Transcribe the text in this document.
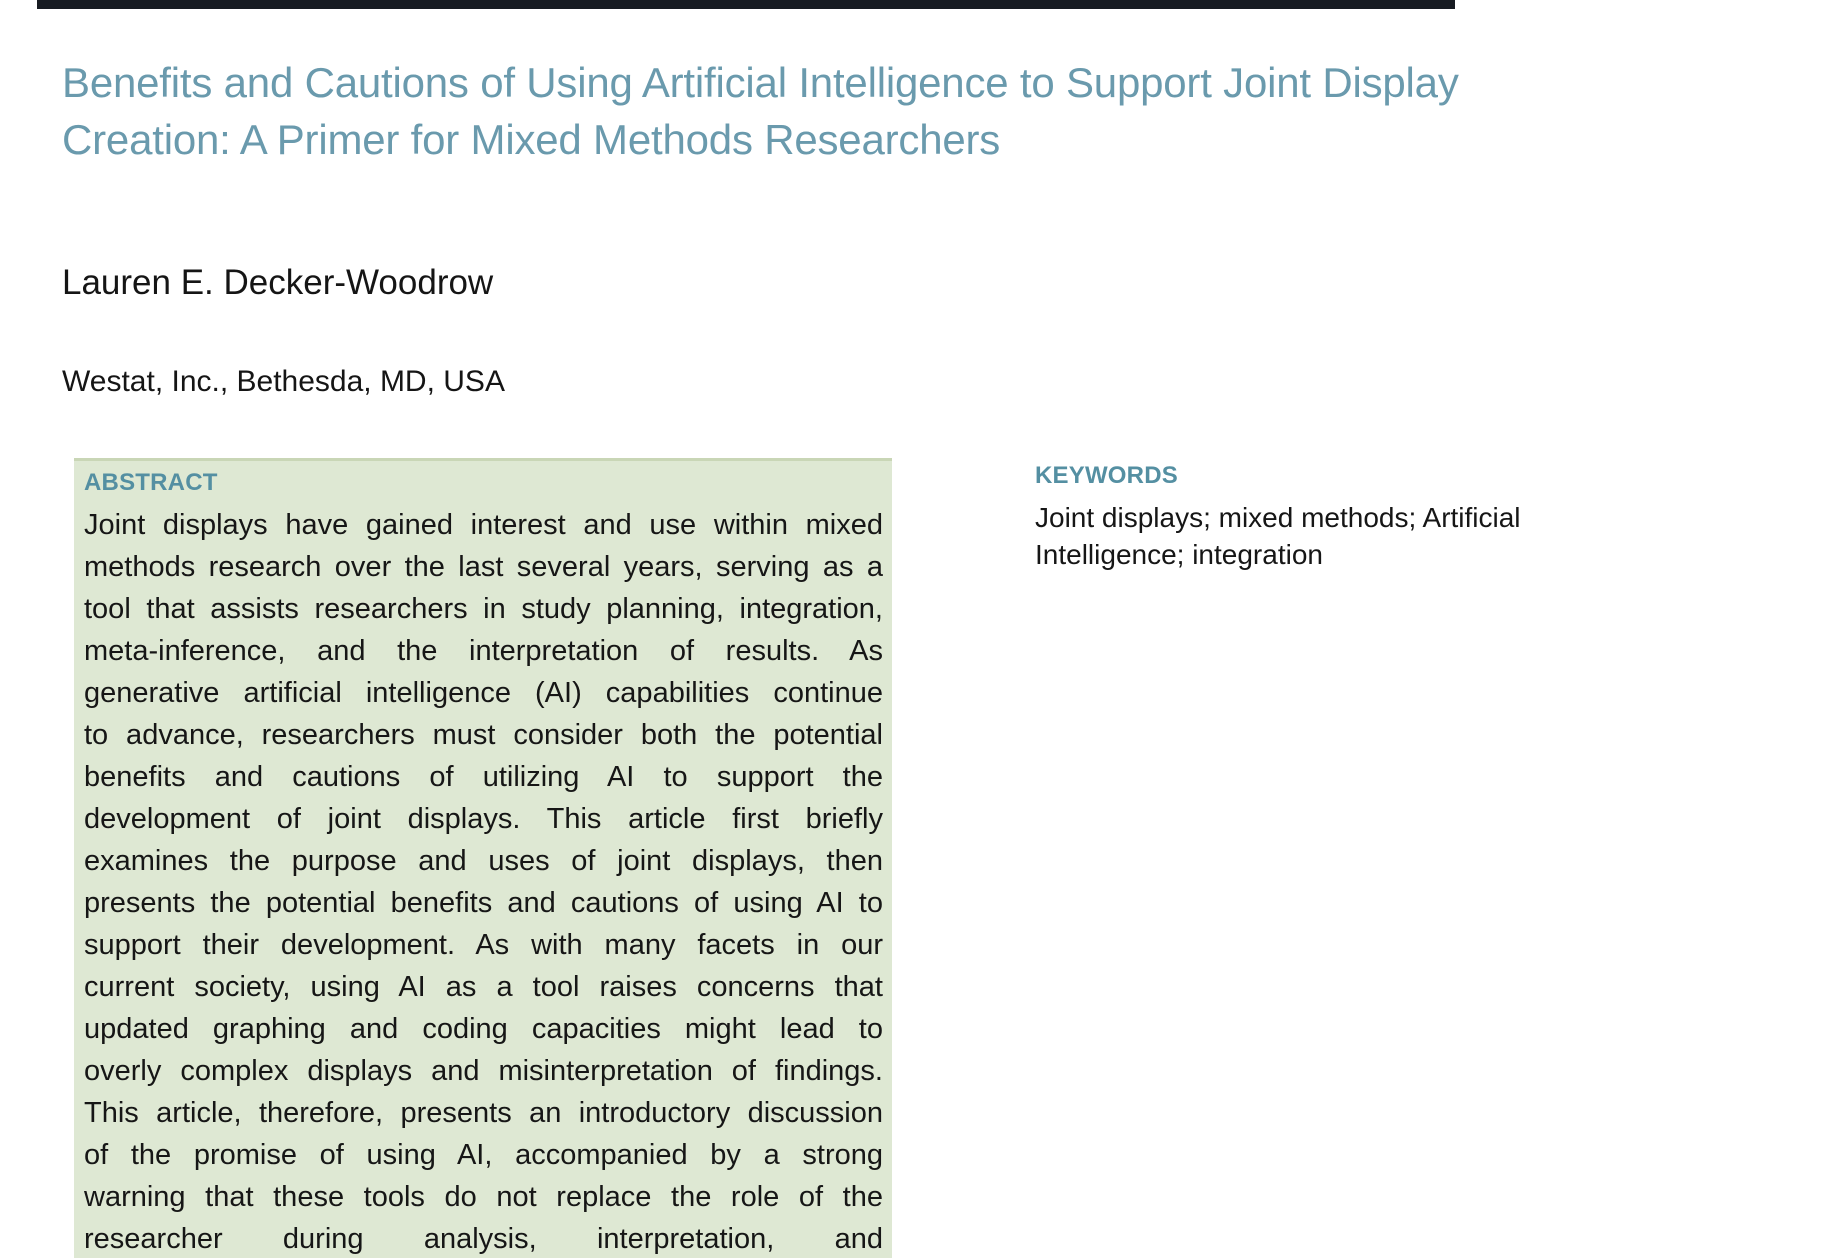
Benefits and Cautions of Using Artificial Intelligence to Support Joint Display
Creation: A Primer for Mixed Methods Researchers
Lauren E. Decker-Woodrow
Westat, Inc., Bethesda, MD, USA
ABSTRACT
Joint displays have gained interest and use within mixed
methods research over the last several years, serving as a
tool that assists researchers in study planning, integration,
meta-inference, and the interpretation of results. As
generative artificial intelligence (AI) capabilities continue
to advance, researchers must consider both the potential
benefits and cautions of utilizing AI to support the
development of joint displays. This article first briefly
examines the purpose and uses of joint displays, then
presents the potential benefits and cautions of using AI to
support their development. As with many facets in our
current society, using AI as a tool raises concerns that
updated graphing and coding capacities might lead to
overly complex displays and misinterpretation of findings.
This article, therefore, presents an introductory discussion
of the promise of using AI, accompanied by a strong
warning that these tools do not replace the role of the
researcher during analysis, interpretation, and
KEYWORDS
Joint displays; mixed methods; Artificial
Intelligence; integration
